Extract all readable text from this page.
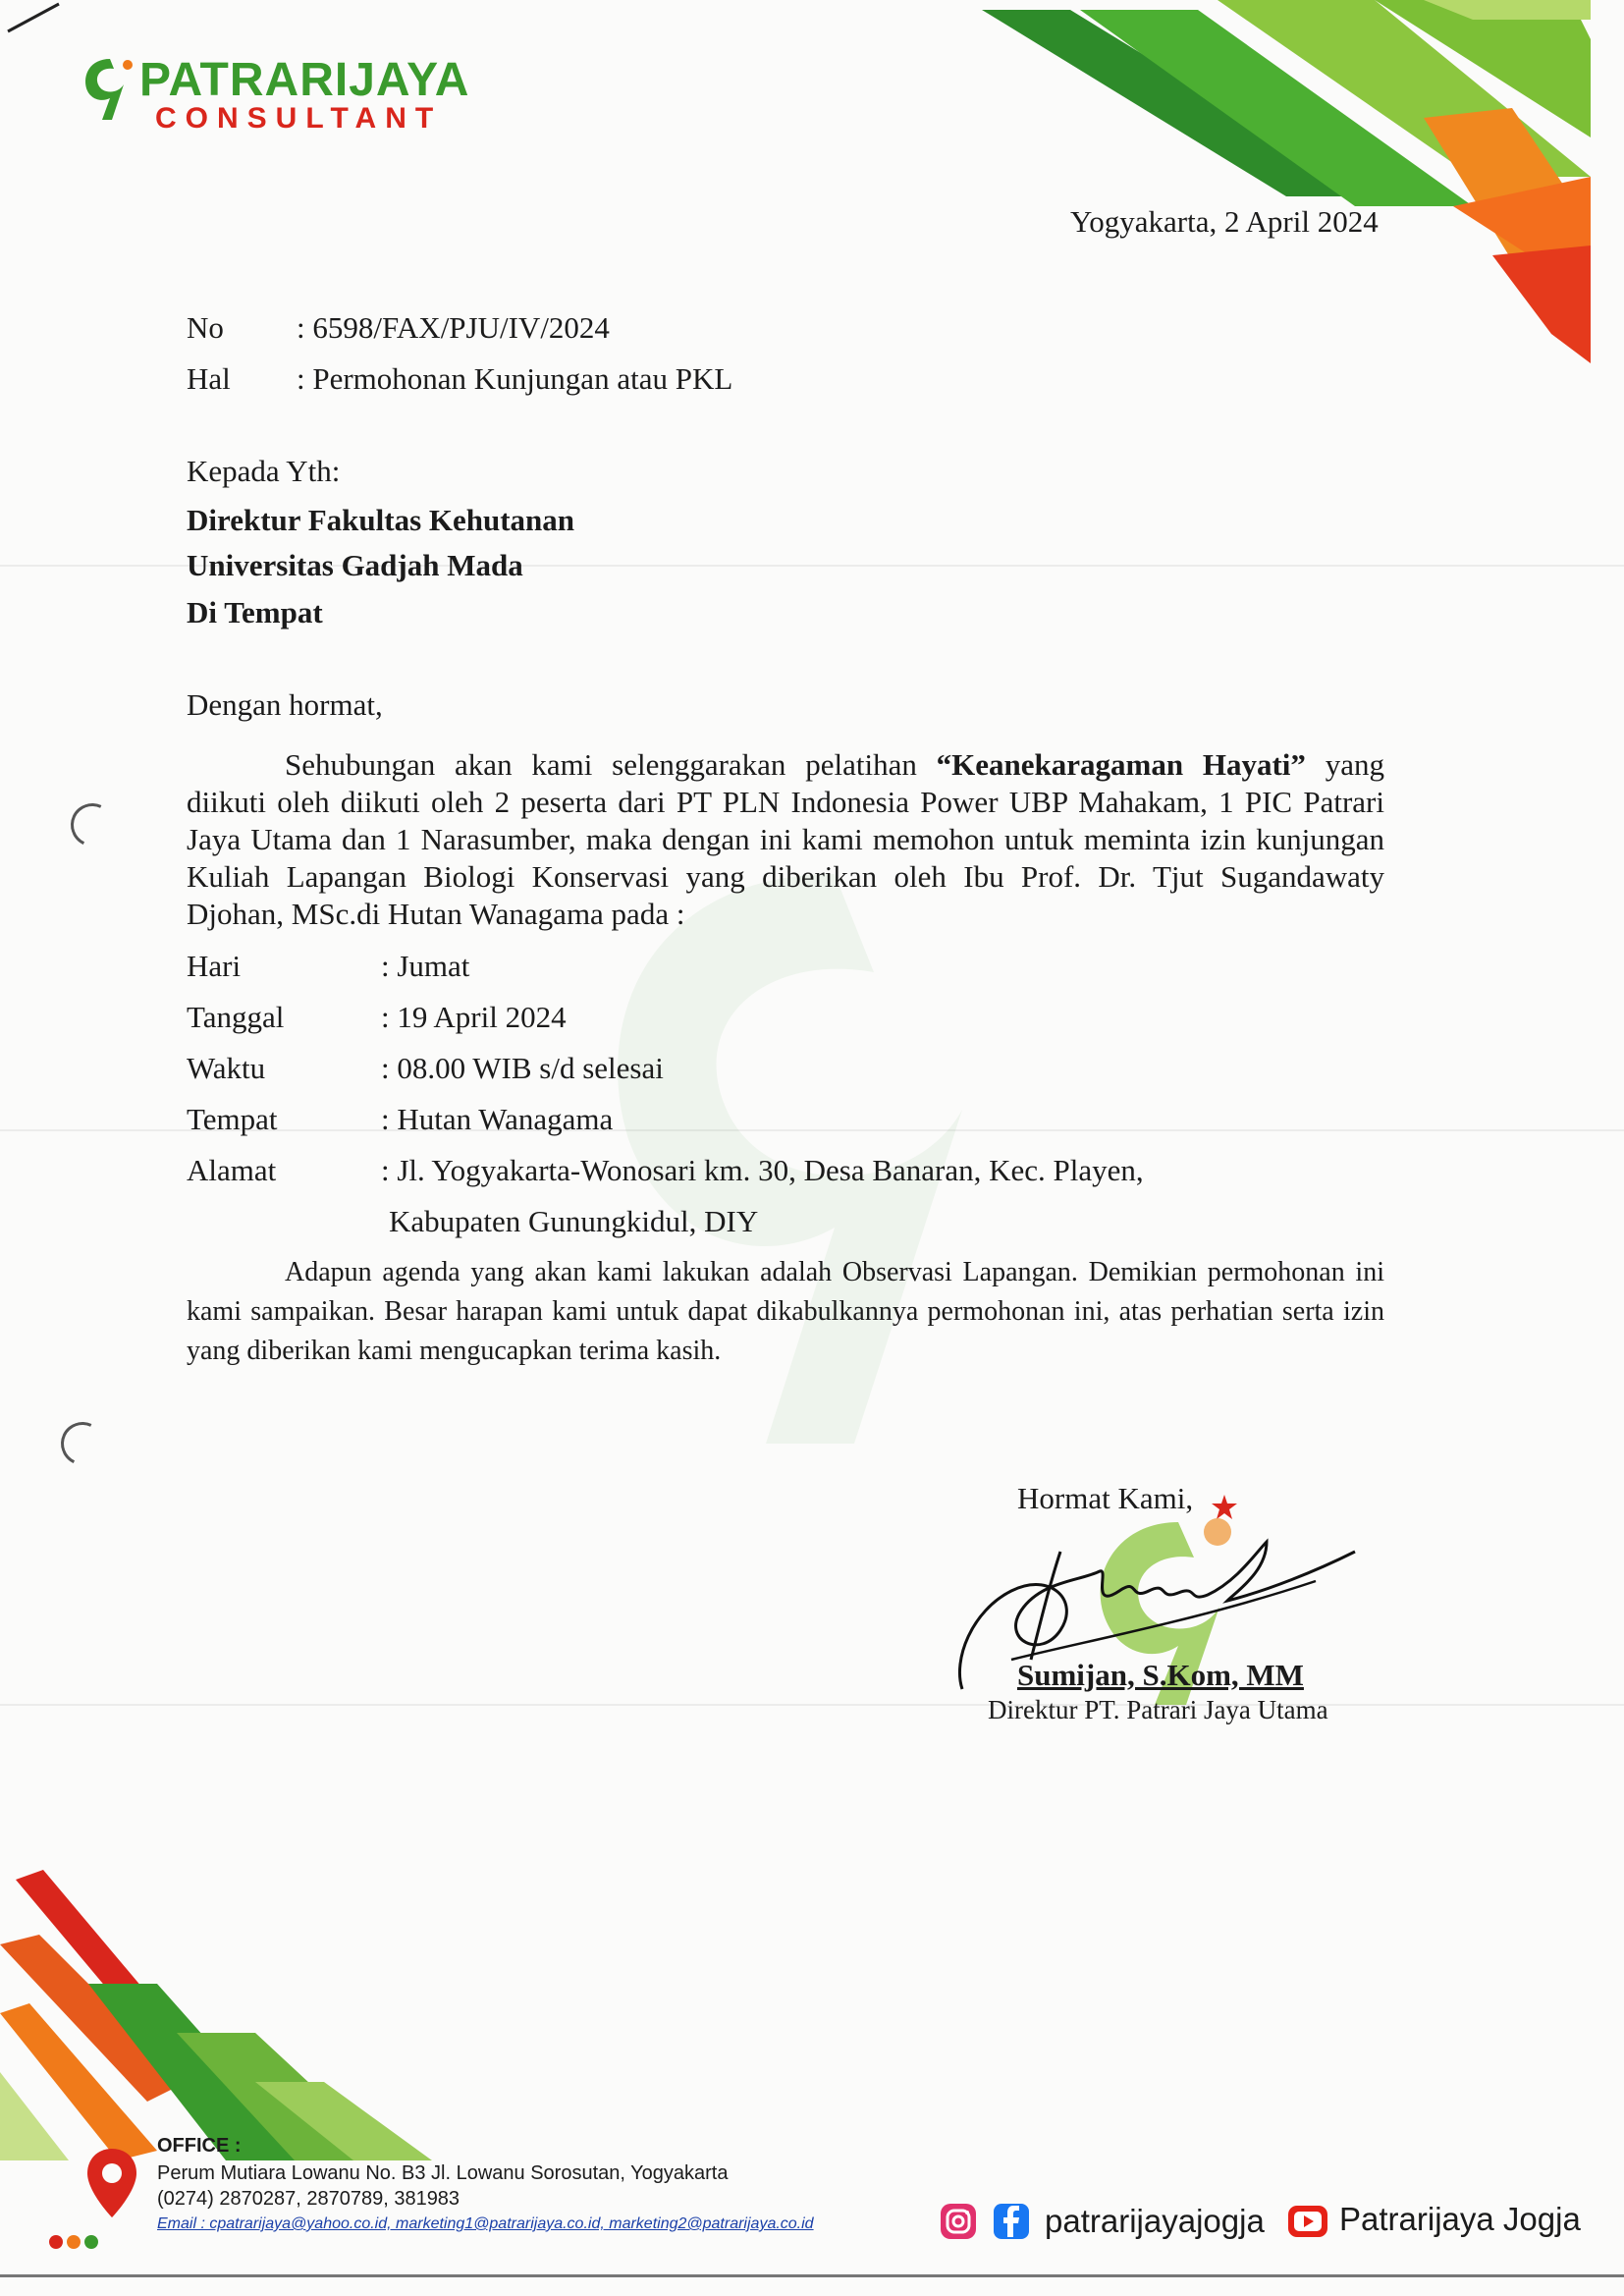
PATRARIJAYA
CONSULTANT
Yogyakarta, 2 April 2024
No : 6598/FAX/PJU/IV/2024
Hal : Permohonan Kunjungan atau PKL
Kepada Yth:
Direktur Fakultas Kehutanan
Universitas Gadjah Mada
Di Tempat
Dengan hormat,
Sehubungan akan kami selenggarakan pelatihan “Keanekaragaman Hayati” yang diikuti oleh diikuti oleh 2 peserta dari PT PLN Indonesia Power UBP Mahakam, 1 PIC Patrari Jaya Utama dan 1 Narasumber, maka dengan ini kami memohon untuk meminta izin kunjungan Kuliah Lapangan Biologi Konservasi yang diberikan oleh Ibu Prof. Dr. Tjut Sugandawaty Djohan, MSc.di Hutan Wanagama pada :
Hari	: Jumat
Tanggal	: 19 April 2024
Waktu	: 08.00 WIB s/d selesai
Tempat	: Hutan Wanagama
Alamat	: Jl. Yogyakarta-Wonosari km. 30, Desa Banaran, Kec. Playen,
Kabupaten Gunungkidul, DIY
Adapun agenda yang akan kami lakukan adalah Observasi Lapangan. Demikian permohonan ini kami sampaikan. Besar harapan kami untuk dapat dikabulkannya permohonan ini, atas perhatian serta izin yang diberikan kami mengucapkan terima kasih.
Hormat Kami,
Sumijan, S.Kom, MM
Direktur PT. Patrari Jaya Utama
OFFICE :
Perum Mutiara Lowanu No. B3 Jl. Lowanu Sorosutan, Yogyakarta
(0274) 2870287, 2870789, 381983
Email : cpatrarijaya@yahoo.co.id, marketing1@patrarijaya.co.id, marketing2@patrarijaya.co.id	patrarijayajogja Patrarijaya Jogja
